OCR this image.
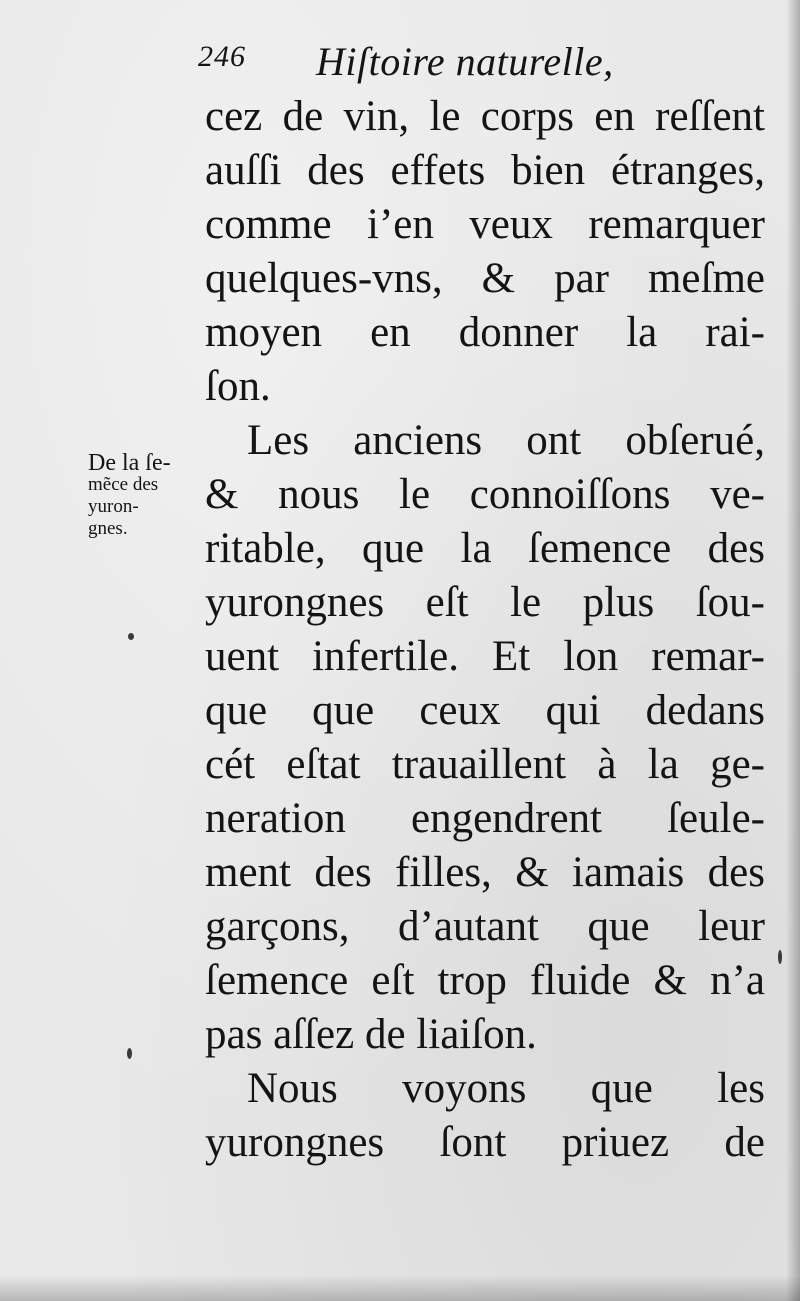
246 Hiſtoire naturelle,
De la ſe-
mẽce des
yuron-
gnes.
cez de vin, le corps en reſſent
auſſi des effets bien étranges,
comme i’en veux remarquer
quelques-vns, & par meſme
moyen en donner la rai-
ſon.
Les anciens ont obſerué,
& nous le connoiſſons ve-
ritable, que la ſemence des
yurongnes eſt le plus ſou-
uent infertile. Et lon remar-
que que ceux qui dedans
cét eſtat trauaillent à la ge-
neration engendrent ſeule-
ment des filles, & iamais des
garçons, d’autant que leur
ſemence eſt trop fluide & n’a
pas aſſez de liaiſon.
Nous voyons que les
yurongnes ſont priuez de
